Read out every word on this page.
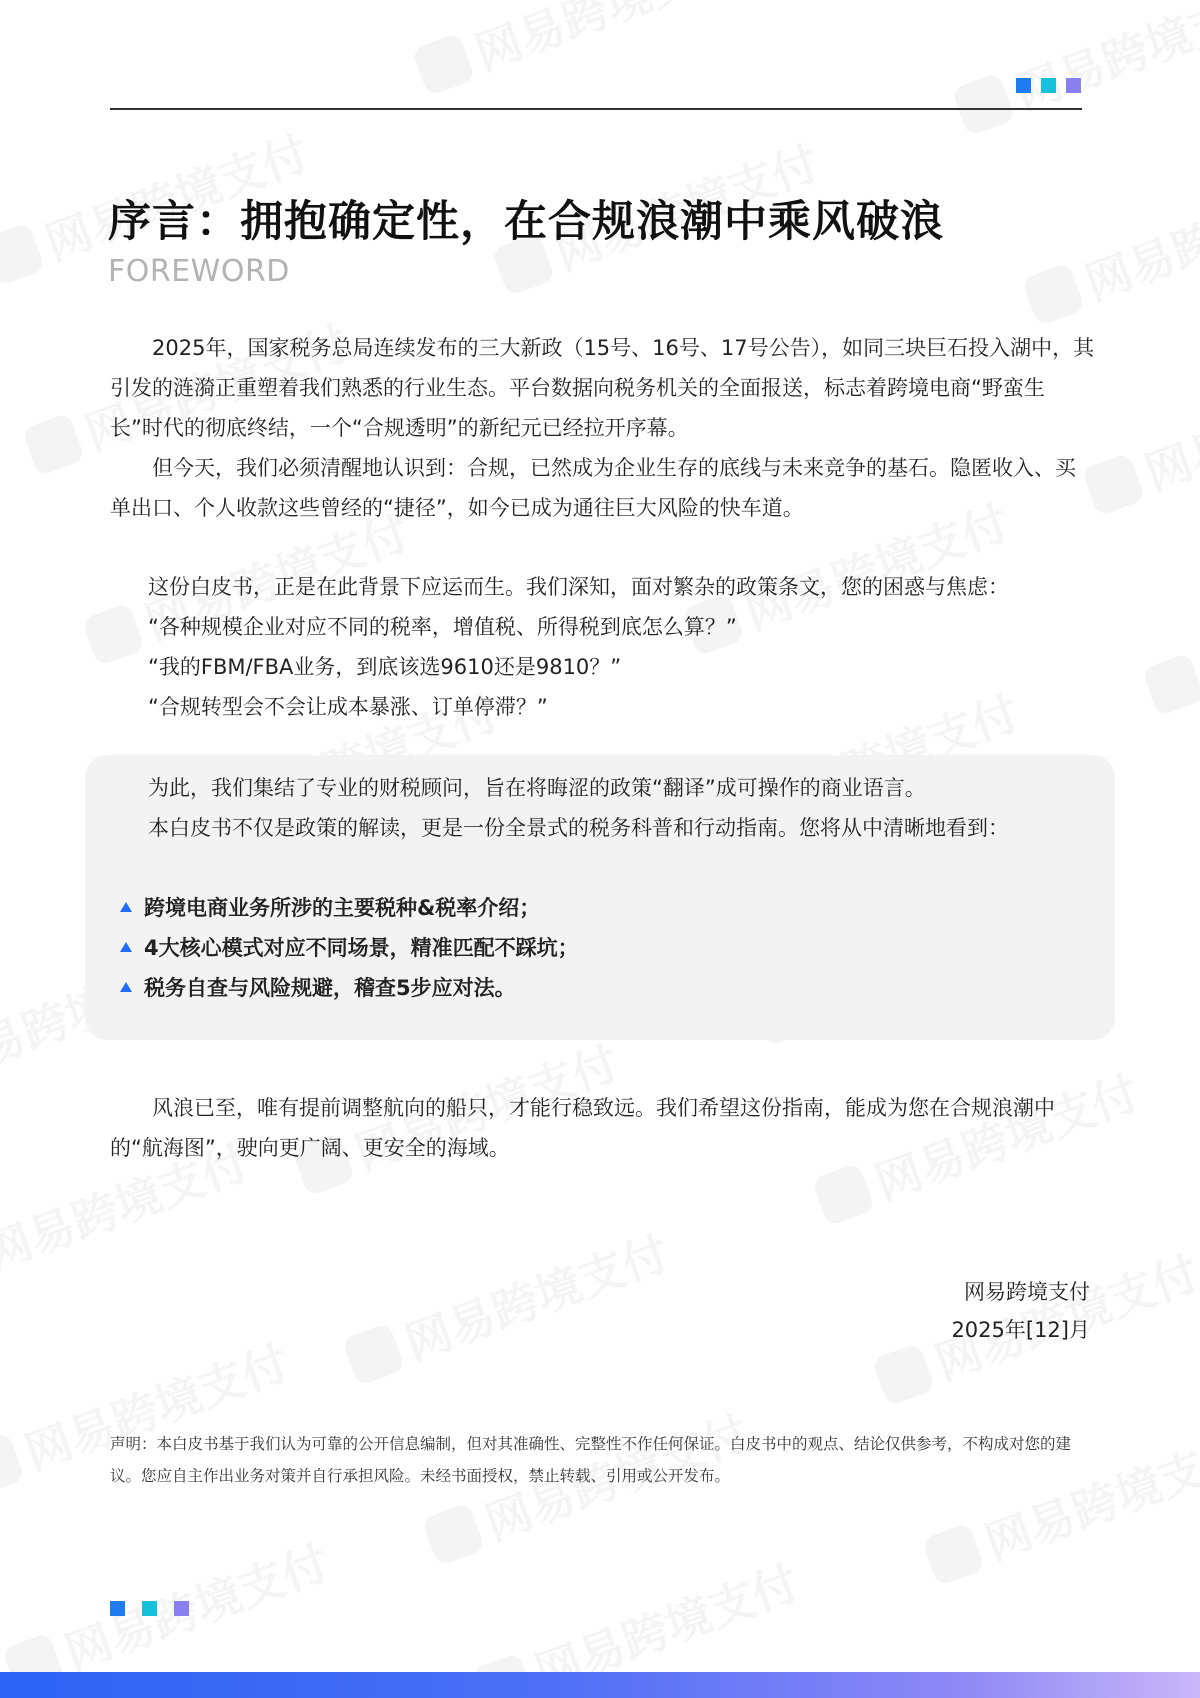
序言：拥抱确定性，在合规浪潮中乘风破浪
FOREWORD

2025年，国家税务总局连续发布的三大新政（15号、16号、17号公告），如同三块巨石投入湖中，其引发的涟漪正重塑着我们熟悉的行业生态。平台数据向税务机关的全面报送，标志着跨境电商“野蛮生长”时代的彻底终结，一个“合规透明”的新纪元已经拉开序幕。

但今天，我们必须清醒地认识到：合规，已然成为企业生存的底线与未来竞争的基石。隐匿收入、买单出口、个人收款这些曾经的“捷径”，如今已成为通往巨大风险的快车道。

这份白皮书，正是在此背景下应运而生。我们深知，面对繁杂的政策条文，您的困惑与焦虑：

“各种规模企业对应不同的税率，增值税、所得税到底怎么算？”

“我的FBM/FBA业务，到底该选9610还是9810？”

“合规转型会不会让成本暴涨、订单停滞？”

为此，我们集结了专业的财税顾问，旨在将晦涩的政策“翻译”成可操作的商业语言。

本白皮书不仅是政策的解读，更是一份全景式的税务科普和行动指南。您将从中清晰地看到：

跨境电商业务所涉的主要税种&税率介绍；
4大核心模式对应不同场景，精准匹配不踩坑；
税务自查与风险规避，稽查5步应对法。

风浪已至，唯有提前调整航向的船只，才能行稳致远。我们希望这份指南，能成为您在合规浪潮中的“航海图”，驶向更广阔、更安全的海域。

网易跨境支付
2025年[12]月

声明：本白皮书基于我们认为可靠的公开信息编制，但对其准确性、完整性不作任何保证。白皮书中的观点、结论仅供参考，不构成对您的建议。您应自主作出业务对策并自行承担风险。未经书面授权，禁止转载、引用或公开发布。
